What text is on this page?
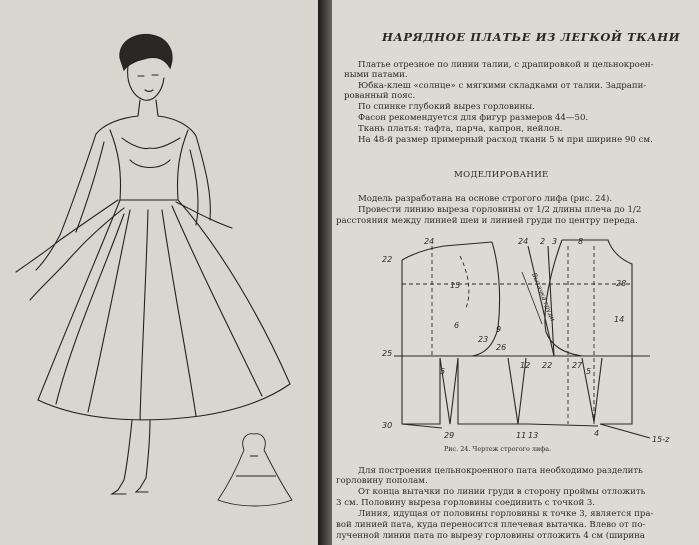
НАРЯДНОЕ ПЛАТЬЕ ИЗ ЛЕГКОЙ ТКАНИ
Платье отрезное по линии талии, с драпировкой и цельнокроен-
ными патами.
Юбка-клеш «солнце» с мягкими складками от талии. Задрапи-
рованный пояс.
По спинке глубокий вырез горловины.
Фасон рекомендуется для фигур размеров 44—50.
Ткань платья: тафта, парча, капрон, нейлон.
На 48-й размер примерный расход ткани 5 м при ширине 90 см.
МОДЕЛИРОВАНИЕ
Модель разработана на основе строгого лифа (рис. 24).
Провести линию выреза горловины от 1/2 длины плеча до 1/2
расстояния между линией шеи и линией груди по центру переда.
24
22
15
6	9
23
24 2 3	8
28
14
26
25
12 22 27
5	5
4
30
29	11 13	15-z
Вытачка груди
Рис. 24. Чертеж строгого лифа.
Для построения цельнокроенного пата необходимо разделить
горловину пополам.
От конца вытачки по линии груди в сторону проймы отложить
3 см. Половину выреза горловины соединить с точкой 3.
Линия, идущая от половины горловины к точке 3, является пра-
вой линией пата, куда переносится плечевая вытачка. Влево от по-
лученной линии пата по вырезу горловины отложить 4 см (ширина
